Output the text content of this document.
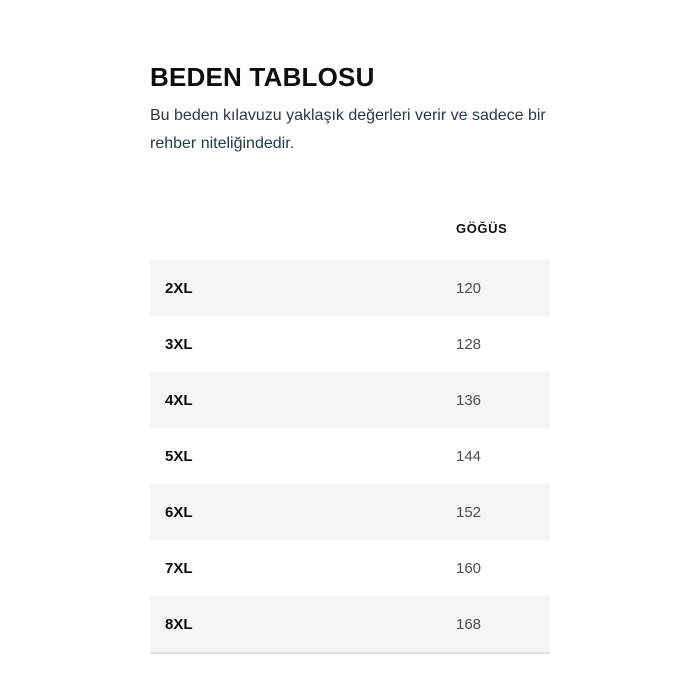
BEDEN TABLOSU

Bu beden kılavuzu yaklaşık değerleri verir ve sadece bir rehber niteliğindedir.

GÖĞÜS
2XL	120
3XL	128
4XL	136
5XL	144
6XL	152
7XL	160
8XL	168
